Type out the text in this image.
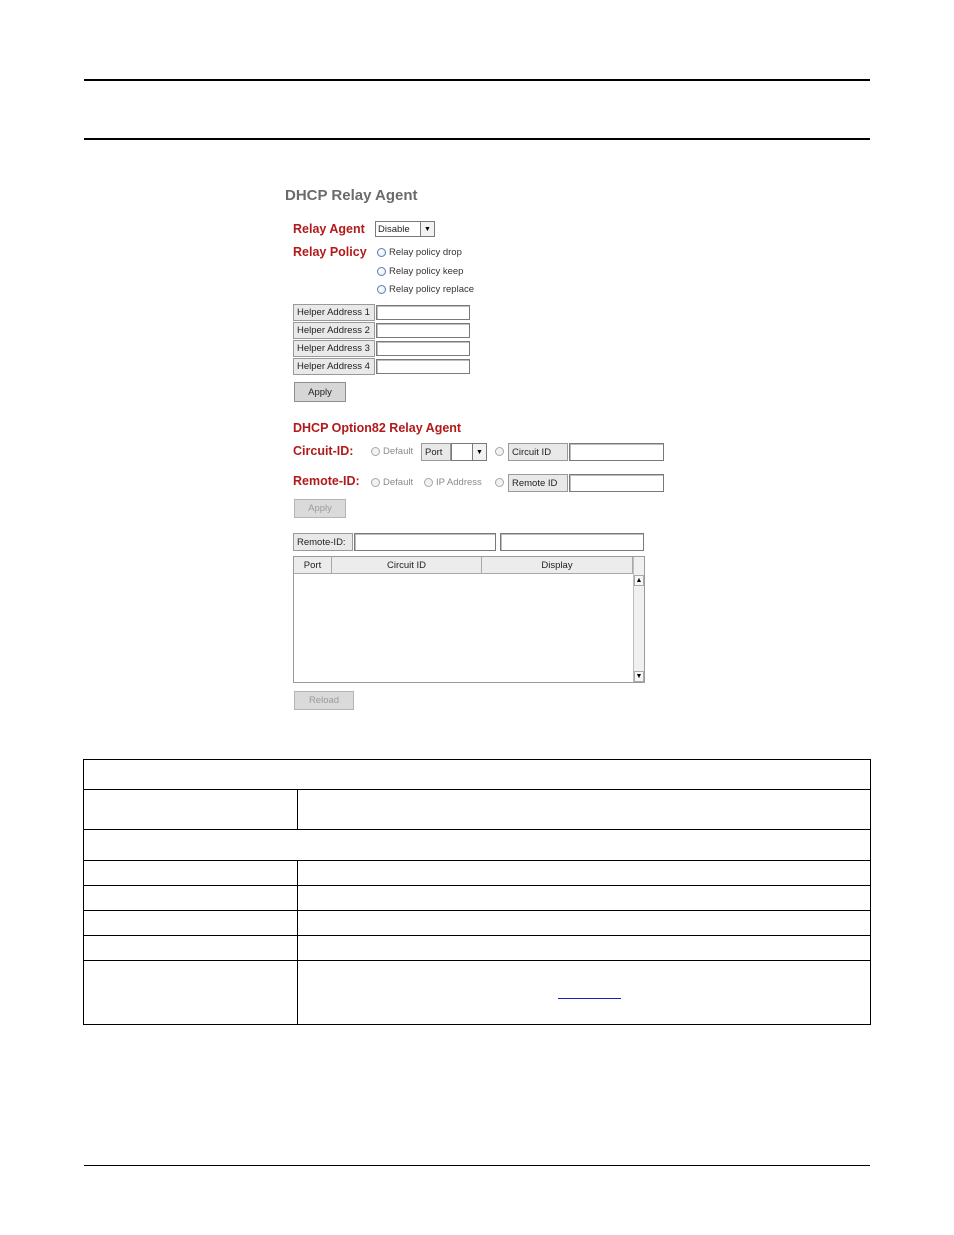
DHCP Relay Agent
Relay Agent Disable	▼
Relay Policy	Relay policy drop
Relay policy keep
Relay policy replace
Helper Address 1
Helper Address 2
Helper Address 3
Helper Address 4
Apply
DHCP Option82 Relay Agent
Circuit-ID:	Default	Port	▼	Circuit ID
Remote-ID:	Default	IP Address	Remote ID
Apply
Remote-ID:
Port	Circuit ID	Display
▲
▼
Reload
